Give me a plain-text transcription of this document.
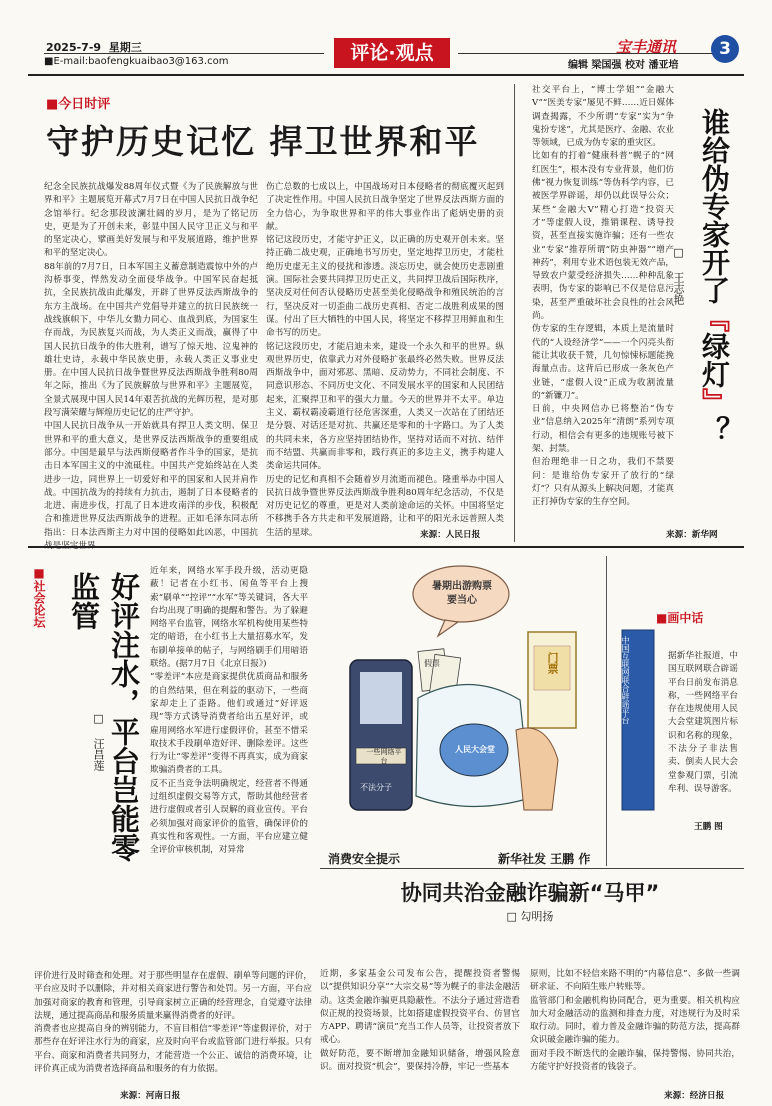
2025-7-9 星期三
■E-mail:baofengkuaibao3@163.com	评论·观点	宝丰通讯	3
编辑 梁国强 校对 潘亚培
■今日时评
守护历史记忆 捍卫世界和平
纪念全民族抗战爆发88周年仪式暨《为了民族解放与世界和平》主题展览开幕式7月7日在中国人民抗日战争纪念馆举行。纪念那段波澜壮阔的岁月，是为了铭记历史，更是为了开创未来，彰显中国人民守卫正义与和平的坚定决心，擘画美好发展与和平发展道路，维护世界和平的坚定决心。
88年前的7月7日，日本军国主义蓄意制造震惊中外的卢沟桥事变，悍然发动全面侵华战争。中国军民奋起抵抗，全民族抗战由此爆发，开辟了世界反法西斯战争的东方主战场。在中国共产党倡导并建立的抗日民族统一战线旗帜下，中华儿女勠力同心、血战到底，为国家生存而战，为民族复兴而战，为人类正义而战，赢得了中国人民抗日战争的伟大胜利，谱写了惊天地、泣鬼神的雄壮史诗，永载中华民族史册，永载人类正义事业史册。在中国人民抗日战争暨世界反法西斯战争胜利80周年之际，推出《为了民族解放与世界和平》主题展览，全景式展现中国人民14年艰苦抗战的光辉历程，是对那段写满荣耀与辉煌历史记忆的庄严守护。
中国人民抗日战争从一开始就具有捍卫人类文明、保卫世界和平的重大意义，是世界反法西斯战争的重要组成部分。中国是最早与法西斯侵略者作斗争的国家，是抗击日本军国主义的中流砥柱。中国共产党始终站在人类进步一边，同世界上一切爱好和平的国家和人民并肩作战。中国抗战为的持续有力抗击，遏制了日本侵略者的北进、南进步伐，打乱了日本进攻南洋的步伐，积极配合和推进世界反法西斯战争的进程。正如毛泽东同志所指出：日本法西斯主力对中国的侵略如此凶恶，中国抗战是坚定世界
伤亡总数的七成以上，中国战场对日本侵略者的彻底覆灭起到了决定性作用。中国人民抗日战争坚定了世界反法西斯方面的全力信心，为争取世界和平的伟大事业作出了彪炳史册的贡献。
铭记这段历史，才能守护正义，以正确的历史观开创未来。坚持正确二战史观，正确地书写历史，坚定地捍卫历史，才能杜绝历史虚无主义的侵扰和渗透。淡忘历史，就会使历史悲剧重演。国际社会要共同捍卫历史正义，共同捍卫战后国际秩序，坚决反对任何否认侵略历史甚至美化侵略战争和殖民统治的言行，坚决反对一切歪曲二战历史真相、否定二战胜利成果的图谋。付出了巨大牺牲的中国人民，将坚定不移捍卫用鲜血和生命书写的历史。
铭记这段历史，才能启迪未来，建设一个永久和平的世界。纵观世界历史，依靠武力对外侵略扩张最终必然失败。世界反法西斯战争中，面对邪恶、黑暗、反动势力，不同社会制度、不同意识形态、不同历史文化、不同发展水平的国家和人民团结起来，汇聚捍卫和平的强大力量。今天的世界并不太平。单边主义、霸权霸凌霸道行径危害深重，人类又一次站在了团结还是分裂、对话还是对抗、共赢还是零和的十字路口。为了人类的共同未来，各方应坚持团结协作，坚持对话而不对抗、结伴而不结盟、共赢而非零和，践行真正的多边主义，携手构建人类命运共同体。
历史的记忆和真相不会随着岁月流逝而褪色。隆重举办中国人民抗日战争暨世界反法西斯战争胜利80周年纪念活动，不仅是对历史记忆的尊重，更是对人类前途命运的关怀。中国将坚定不移携手各方共走和平发展道路，让和平的阳光永远普照人类生活的星球。	来源：人民日报
社交平台上，“博士学姐”“金融大V”“医美专家”屡见不鲜……近日媒体调查揭露，不少所谓“专家”实为“争鬼扮专迷”，尤其是医疗、金融、农业等领域，已成为伪专家的重灾区。
比如有的打着“健康科普”幌子的“网红医生”，根本没有专业背景，他们仿佛“视力恢复训练”等伪科学内容，已被医学界辟谣，却仍以此误导公众；某些“金融大V”精心打造“投资天才”等虚假人设，推销课程、诱导投资，甚至直接实施诈骗；还有一些农业“专家”推荐所谓“防虫神器”“增产神药”，利用专业术语包装无效产品，导致农户蒙受经济损失……种种乱象表明，伪专家的影响已不仅是信息污染，甚至严重破坏社会良性的社会风尚。
伪专家的生存逻辑，本质上是流量时代的“人设经济学”——一个闪亮头衔能让其收获千赞，几句惊悚标题能挽海量点击。这背后已形成一条灰色产业链，“虚假人设”正成为收割流量的“新镰刀”。
日前，中央网信办已将整治“伪专业”信息纳入2025年“清朗”系列专项行动，相信会有更多的违规账号被下架、封禁。
但治理绝非一日之功，我们不禁要问：是谁给伪专家开了放行的“绿灯”？只有从源头上解决问题，才能真正打掉伪专家的生存空间。
谁给伪专家开了『绿灯』？
□ 王志艳
来源：新华网
■社会论坛	好评注水，平台岂能零监管
□ 汪昌莲
近年来，网络水军手段升级，活动更隐蔽！记者在小红书、闲鱼等平台上搜索“刷单”“控评”“水军”等关键词，各大平台均出现了明确的提醒和警告。为了躲避网络平台监管，网络水军机构使用某些特定的暗语，在小红书上大量招募水军，发布刷单接单的帖子，与网络刷手们用暗语联络。(据7月7日《北京日报》)
“零差评”本应是商家提供优质商品和服务的自然结果，但在利益的驱动下，一些商家却走上了歪路。他们或通过“好评返现”等方式诱导消费者给出五星好评，或雇用网络水军进行虚假评价，甚至不惜采取技术手段刷单造好评、删除差评。这些行为让“零差评”变得不再真实，成为商家欺骗消费者的工具。
反不正当竞争法明确规定，经营者不得通过组织虚假交易等方式，帮助其他经营者进行虚假或者引人误解的商业宣传。平台必须加强对商家评价的监管，确保评价的真实性和客观性。一方面，平台应建立健全评价审核机制，对异常
评价进行及时筛查和处理。对于那些明显存在虚假、刷单等问题的评价，平台应及时予以删除，并对相关商家进行警告和处罚。另一方面，平台应加强对商家的教育和管理，引导商家树立正确的经营理念，自觉遵守法律法规，通过提高商品和服务质量来赢得消费者的好评。
消费者也应提高自身的辨别能力，不盲目相信“零差评”等虚假评价，对于那些存在好评注水行为的商家，应及时向平台或监管部门进行举报。只有平台、商家和消费者共同努力，才能营造一个公正、诚信的消费环境，让评价真正成为消费者选择商品和服务的有力依据。
来源：河南日报
暑期出游购票要当心
一些网络平台
不法分子
假票
人民大会堂
门票
消费安全提示	新华社发 王鹏 作
■画中话
中国互联网联合辟谣平台	据新华社报道，中国互联网联合辟谣平台日前发布消息称，一些网络平台存在违规使用人民大会堂建筑图片标识和名称的现象，不法分子非法售卖、倒卖人民大会堂参观门票，引流牟利、误导游客。
王鹏 图
协同共治金融诈骗新“马甲”
□ 勾明扬
近期，多家基金公司发布公告，提醒投资者警惕以“提供知识分享”“大宗交易”等为幌子的非法金融活动。这类金融诈骗更具隐蔽性。不法分子通过营造看似正规的投资场景，比如搭建虚假投资平台、仿冒官方APP、聘请“演员”充当工作人员等，让投资者放下戒心。
做好防范，要不断增加金融知识储备，增强风险意识。面对投资“机会”，要保持冷静，牢记一些基本
原则，比如不轻信来路不明的“内幕信息”、多做一些调研求证、不向陌生账户转账等。
监管部门和金融机构协同配合，更为重要。相关机构应加大对金融活动的监测和排查力度，对违规行为及时采取行动。同时，着力普及金融诈骗的防范方法，提高群众识破金融诈骗的能力。
面对手段不断迭代的金融诈骗，保持警惕、协同共治，方能守护好投资者的钱袋子。
来源：经济日报
